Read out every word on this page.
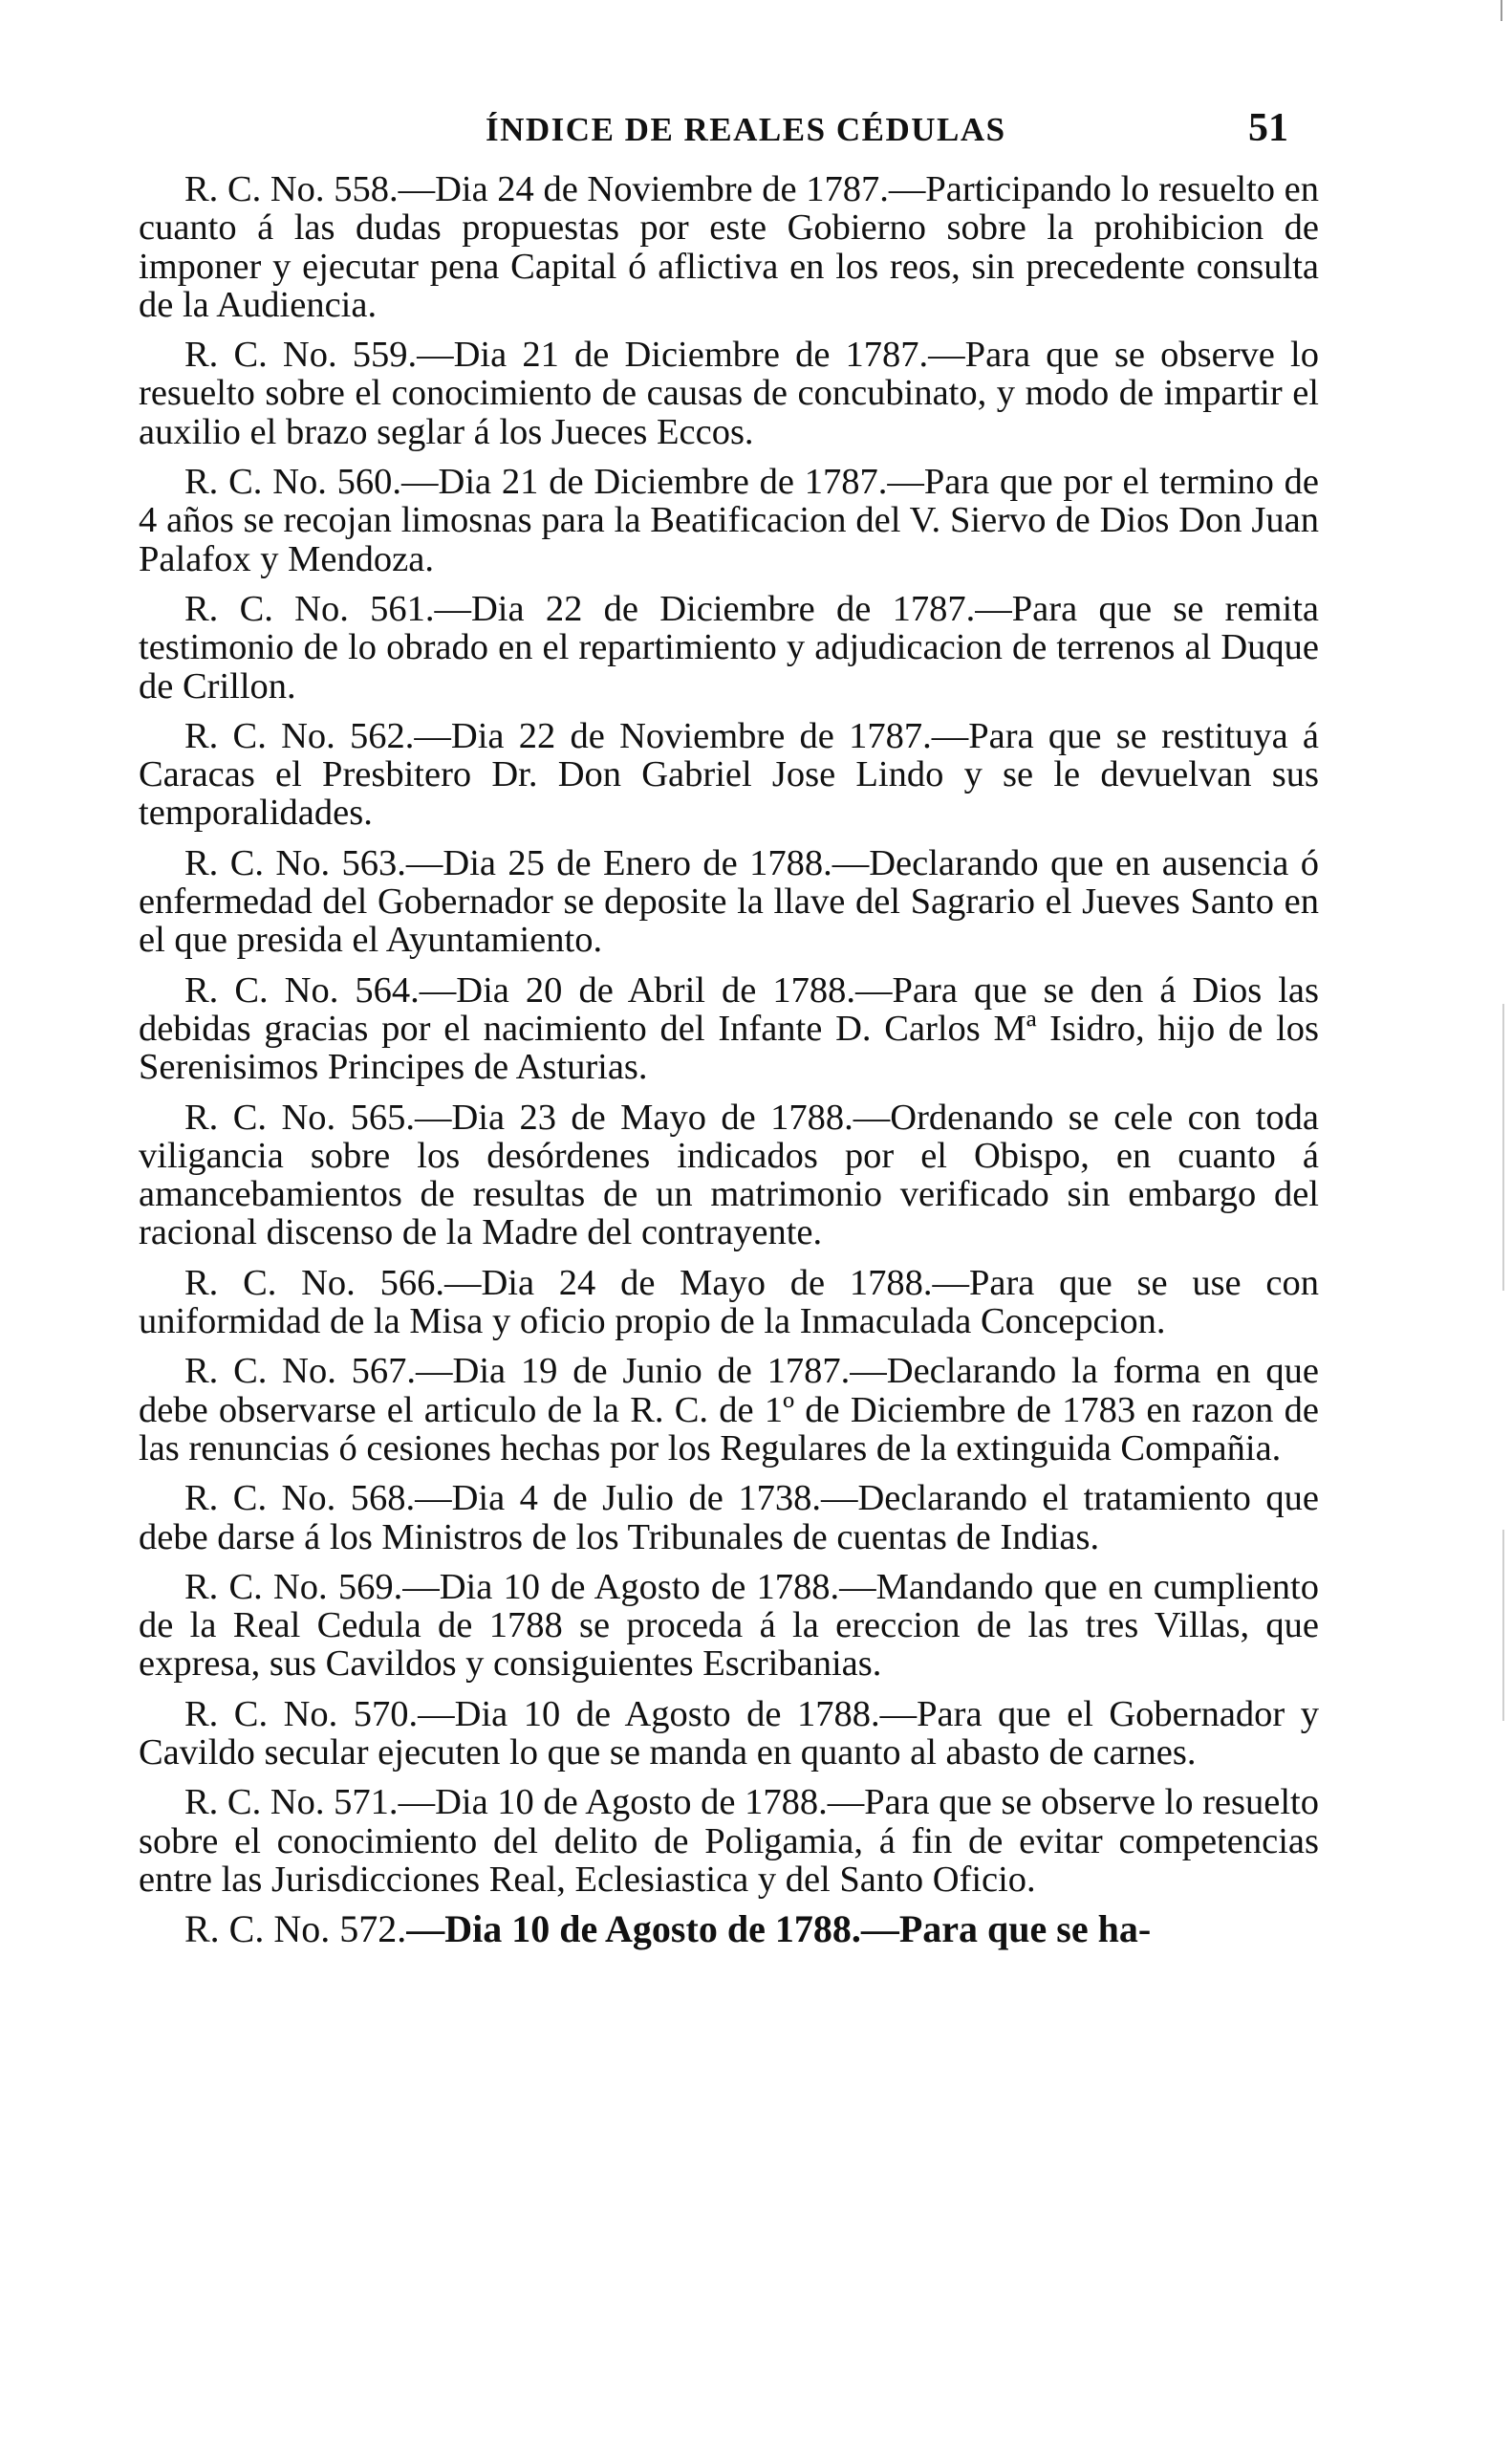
ÍNDICE DE REALES CÉDULAS	51

R. C. No. 558.—Dia 24 de Noviembre de 1787.—Participando lo resuelto en cuanto á las dudas propuestas por este Gobierno sobre la prohibicion de imponer y ejecutar pena Capital ó aflictiva en los reos, sin precedente consulta de la Audiencia.

R. C. No. 559.—Dia 21 de Diciembre de 1787.—Para que se observe lo resuelto sobre el conocimiento de causas de concubinato, y modo de impartir el auxilio el brazo seglar á los Jueces Eccos.

R. C. No. 560.—Dia 21 de Diciembre de 1787.—Para que por el termino de 4 años se recojan limosnas para la Beatificacion del V. Siervo de Dios Don Juan Palafox y Mendoza.

R. C. No. 561.—Dia 22 de Diciembre de 1787.—Para que se remita testimonio de lo obrado en el repartimiento y adjudicacion de terrenos al Duque de Crillon.

R. C. No. 562.—Dia 22 de Noviembre de 1787.—Para que se restituya á Caracas el Presbitero Dr. Don Gabriel Jose Lindo y se le devuelvan sus temporalidades.

R. C. No. 563.—Dia 25 de Enero de 1788.—Declarando que en ausencia ó enfermedad del Gobernador se deposite la llave del Sagrario el Jueves Santo en el que presida el Ayuntamiento.

R. C. No. 564.—Dia 20 de Abril de 1788.—Para que se den á Dios las debidas gracias por el nacimiento del Infante D. Carlos Mª Isidro, hijo de los Serenisimos Principes de Asturias.

R. C. No. 565.—Dia 23 de Mayo de 1788.—Ordenando se cele con toda viligancia sobre los desórdenes indicados por el Obispo, en cuanto á amancebamientos de resultas de un matrimonio verificado sin embargo del racional discenso de la Madre del contrayente.

R. C. No. 566.—Dia 24 de Mayo de 1788.—Para que se use con uniformidad de la Misa y oficio propio de la Inmaculada Concepcion.

R. C. No. 567.—Dia 19 de Junio de 1787.—Declarando la forma en que debe observarse el articulo de la R. C. de 1º de Diciembre de 1783 en razon de las renuncias ó cesiones hechas por los Regulares de la extinguida Compañia.

R. C. No. 568.—Dia 4 de Julio de 1738.—Declarando el tratamiento que debe darse á los Ministros de los Tribunales de cuentas de Indias.

R. C. No. 569.—Dia 10 de Agosto de 1788.—Mandando que en cumpliento de la Real Cedula de 1788 se proceda á la ereccion de las tres Villas, que expresa, sus Cavildos y consiguientes Escribanias.

R. C. No. 570.—Dia 10 de Agosto de 1788.—Para que el Gobernador y Cavildo secular ejecuten lo que se manda en quanto al abasto de carnes.

R. C. No. 571.—Dia 10 de Agosto de 1788.—Para que se observe lo resuelto sobre el conocimiento del delito de Poligamia, á fin de evitar competencias entre las Jurisdicciones Real, Eclesiastica y del Santo Oficio.

R. C. No. 572.—Dia 10 de Agosto de 1788.—Para que se ha-
